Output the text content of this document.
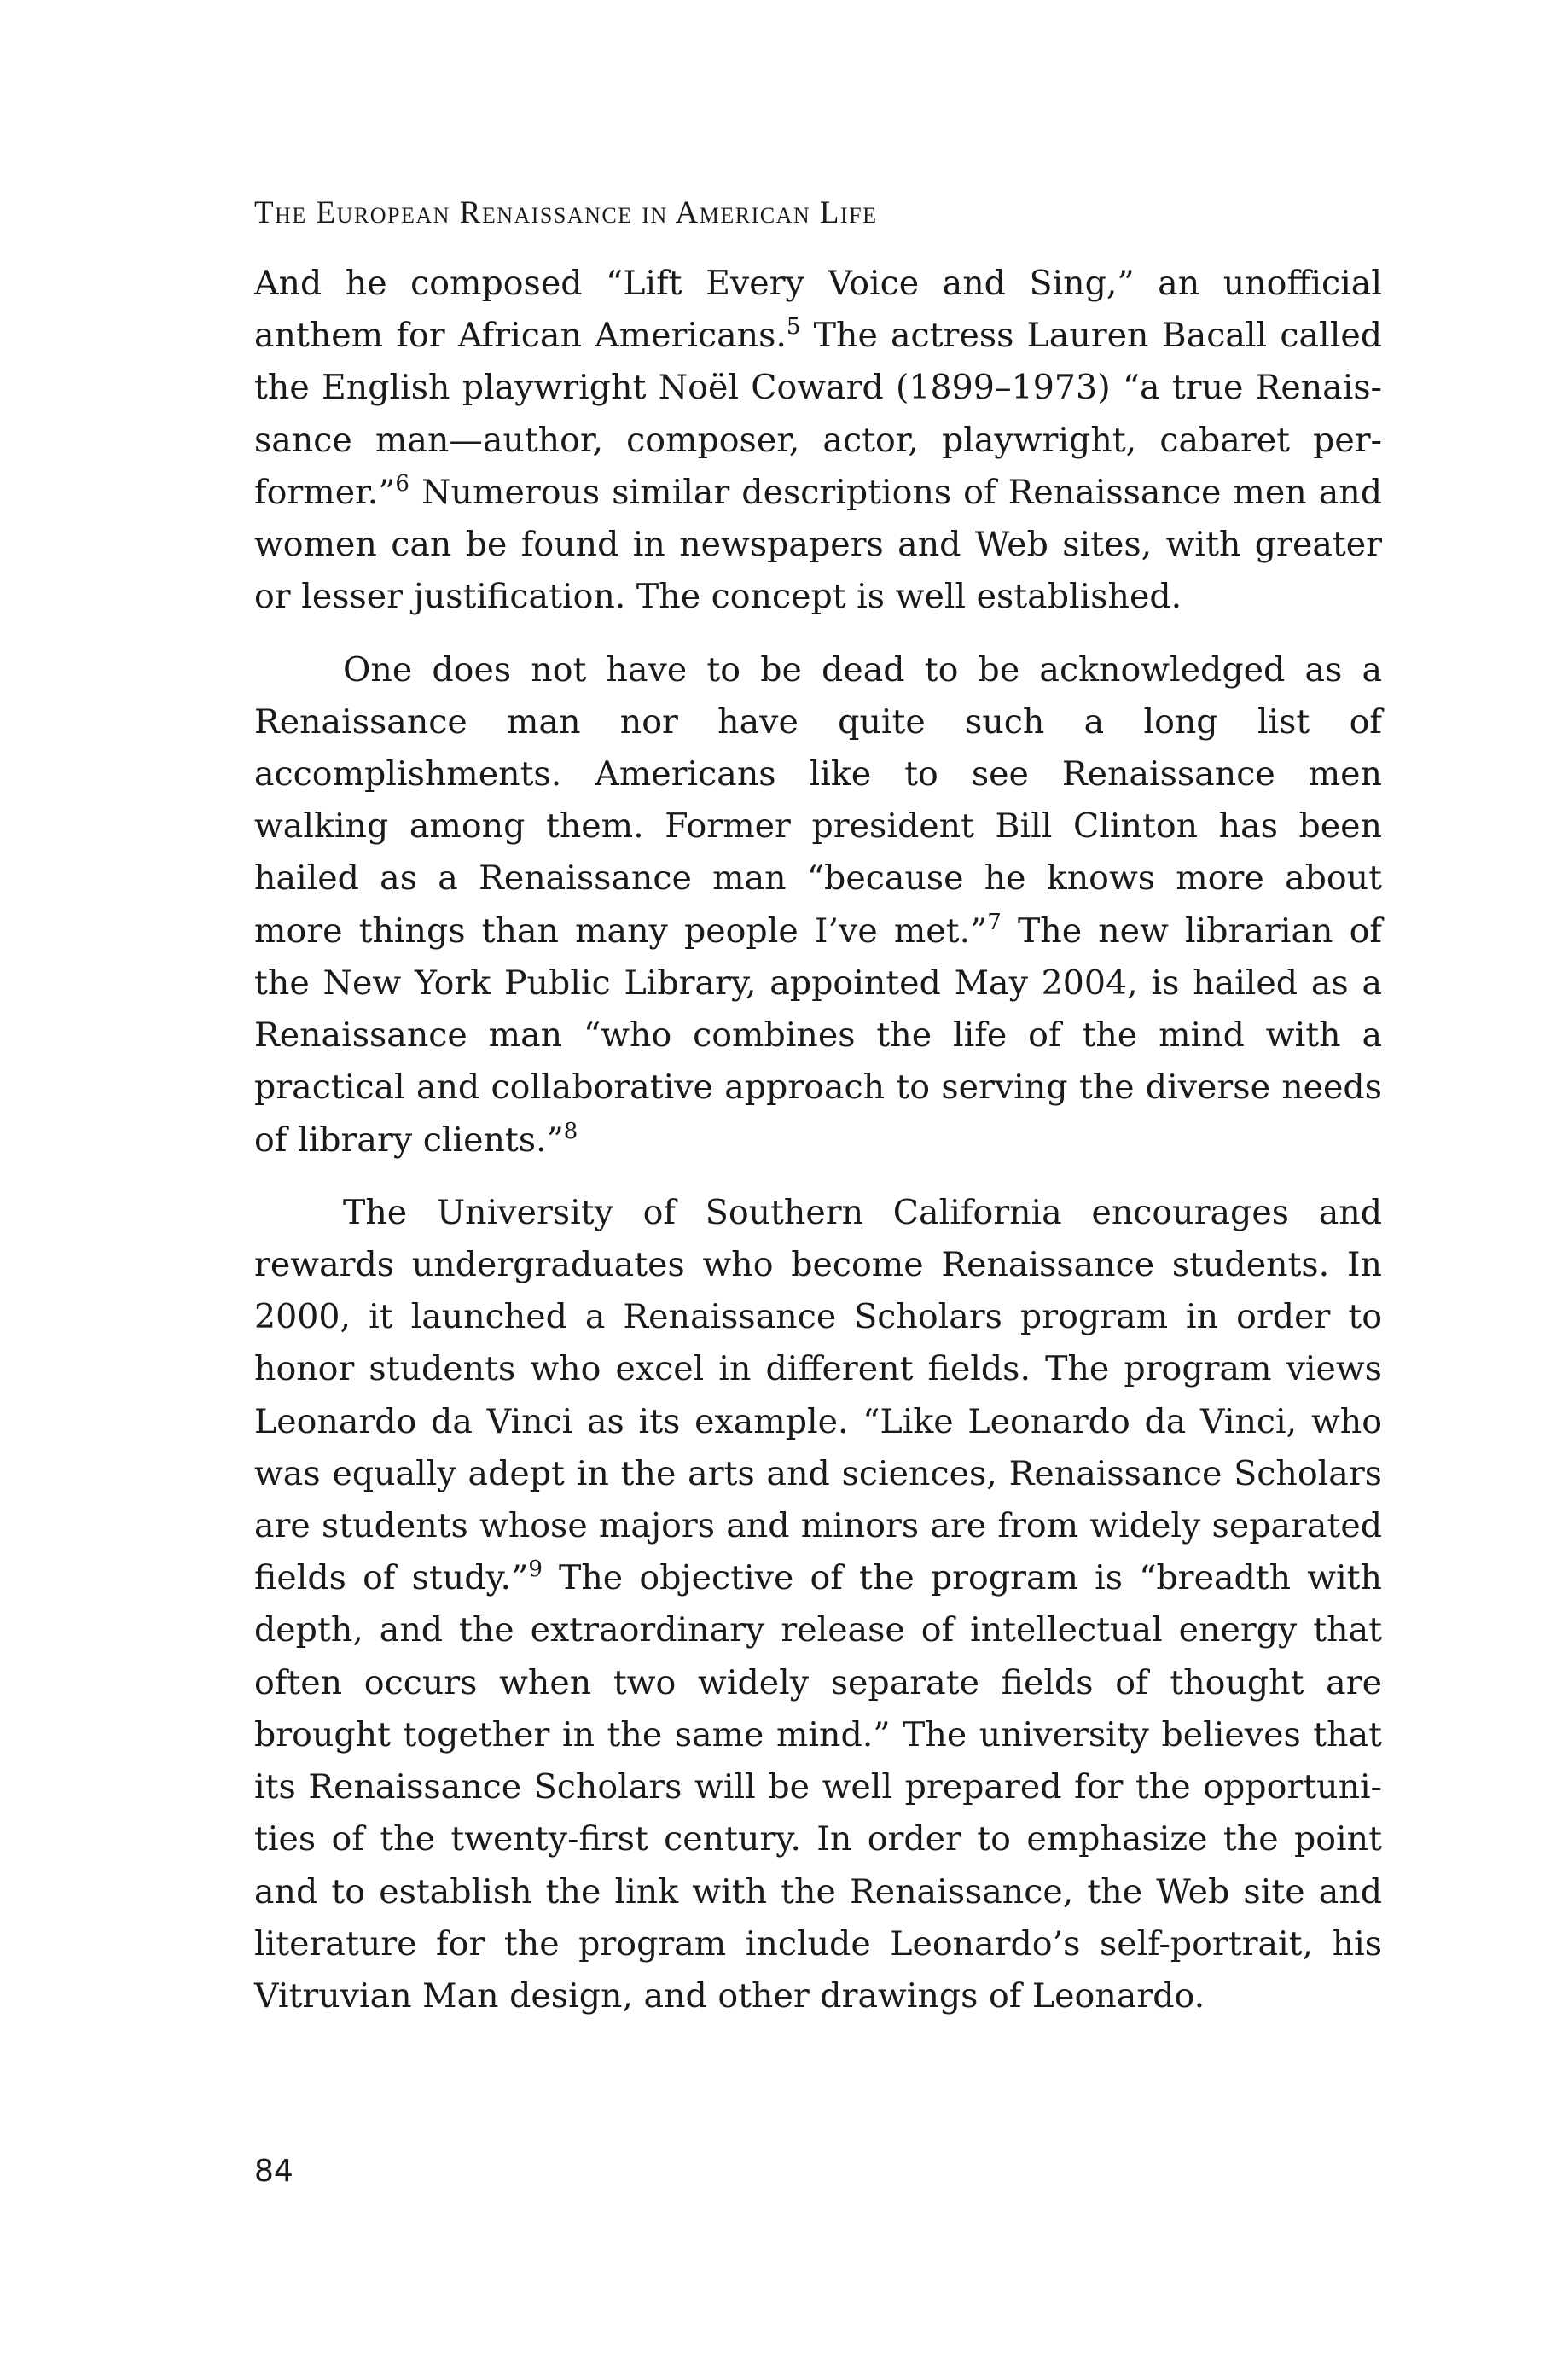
The European Renaissance in American Life

And he composed “Lift Every Voice and Sing,” an unofficial anthem for African Americans.$^5$ The actress Lauren Bacall called the English playwright Noël Coward (1899–1973) “a true Renaissance man—author, composer, actor, playwright, cabaret performer.”$^6$ Numerous similar descriptions of Renaissance men and women can be found in newspapers and Web sites, with greater or lesser justification. The concept is well established.

One does not have to be dead to be acknowledged as a Renaissance man nor have quite such a long list of accomplishments. Americans like to see Renaissance men walking among them. Former president Bill Clinton has been hailed as a Renaissance man “because he knows more about more things than many people I’ve met.”$^7$ The new librarian of the New York Public Library, appointed May 2004, is hailed as a Renaissance man “who combines the life of the mind with a practical and collaborative approach to serving the diverse needs of library clients.”$^8$

The University of Southern California encourages and rewards undergraduates who become Renaissance students. In 2000, it launched a Renaissance Scholars program in order to honor students who excel in different fields. The program views Leonardo da Vinci as its example. “Like Leonardo da Vinci, who was equally adept in the arts and sciences, Renaissance Scholars are students whose majors and minors are from widely separated fields of study.”$^9$ The objective of the program is “breadth with depth, and the extraordinary release of intellectual energy that often occurs when two widely separate fields of thought are brought together in the same mind.” The university believes that its Renaissance Scholars will be well prepared for the opportunities of the twenty-first century. In order to emphasize the point and to establish the link with the Renaissance, the Web site and literature for the program include Leonardo’s self-portrait, his Vitruvian Man design, and other drawings of Leonardo.

84
